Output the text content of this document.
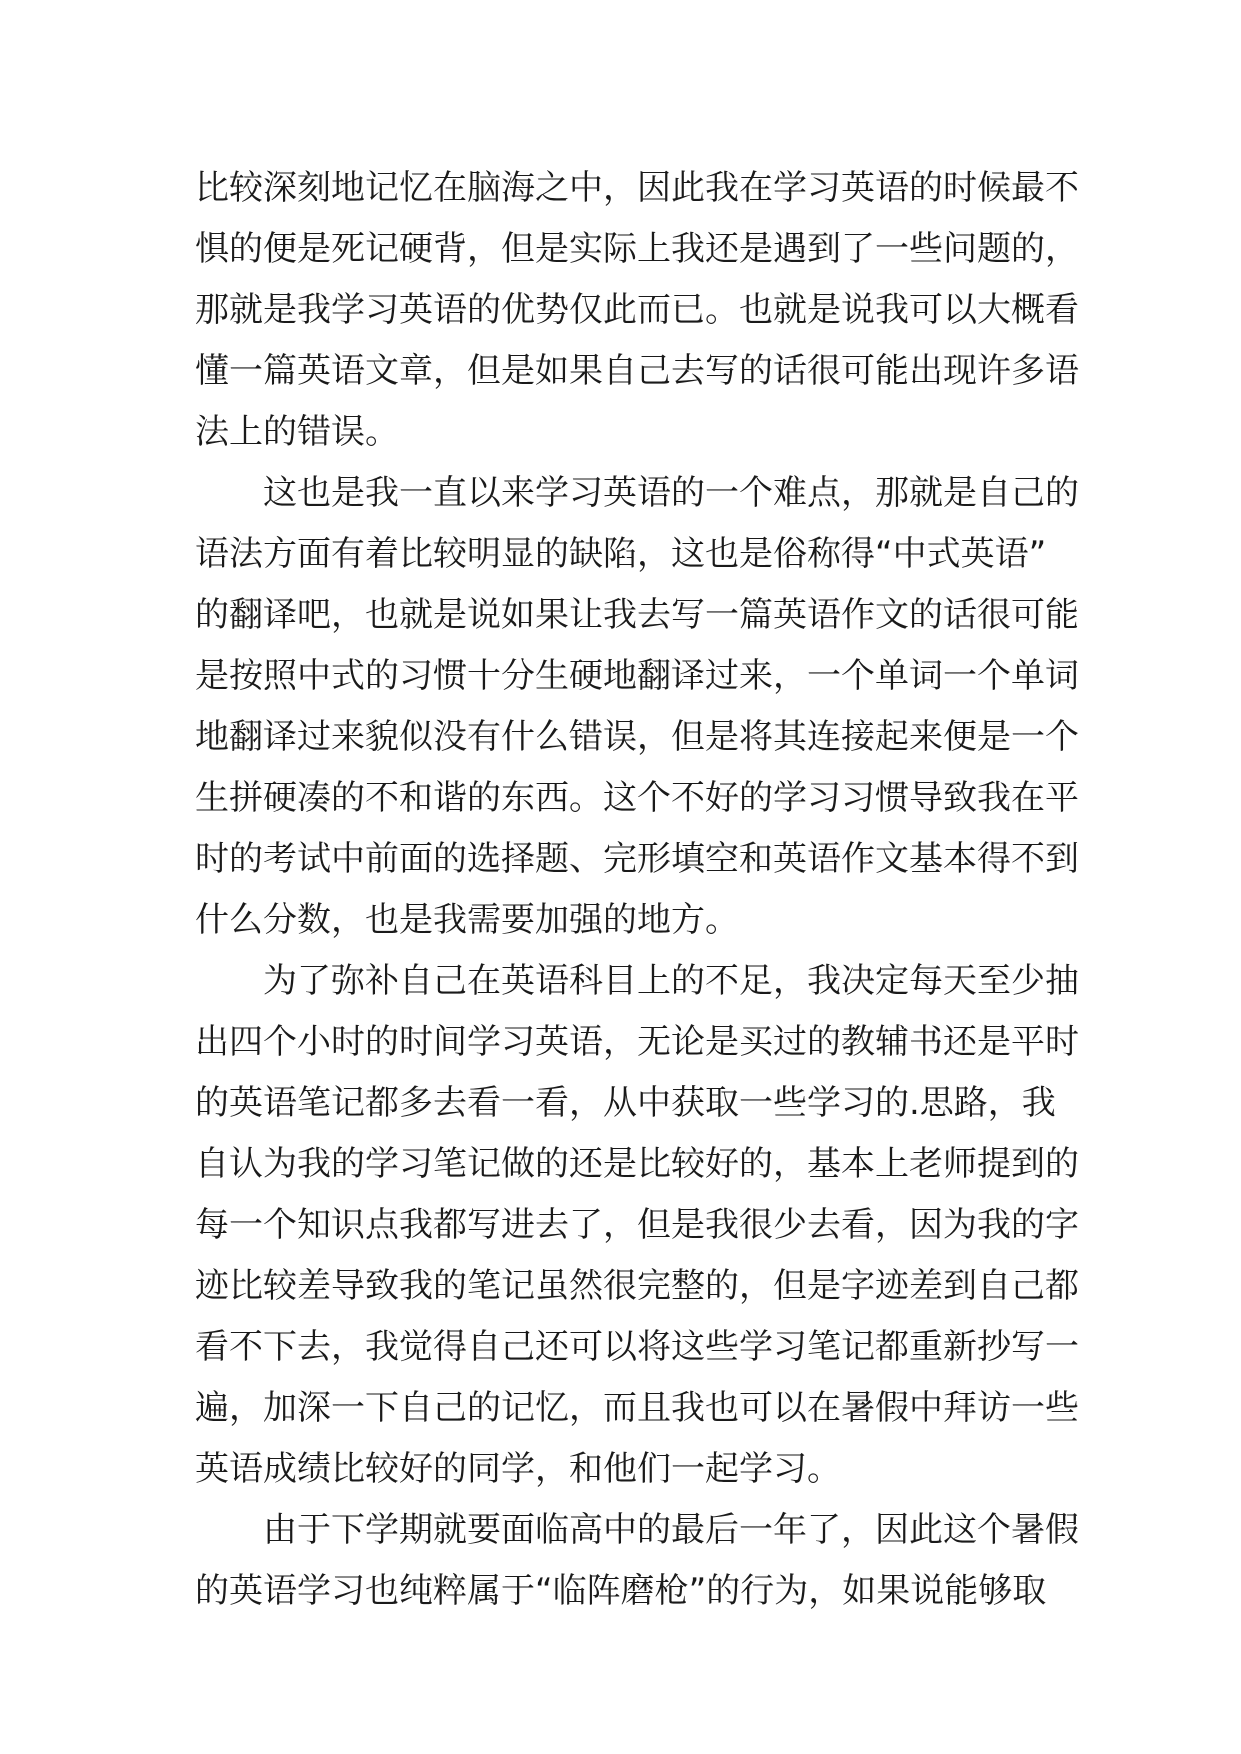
比较深刻地记忆在脑海之中，因此我在学习英语的时候最不
惧的便是死记硬背，但是实际上我还是遇到了一些问题的，
那就是我学习英语的优势仅此而已。也就是说我可以大概看
懂一篇英语文章，但是如果自己去写的话很可能出现许多语
法上的错误。
这也是我一直以来学习英语的一个难点，那就是自己的
语法方面有着比较明显的缺陷，这也是俗称得“中式英语”
的翻译吧，也就是说如果让我去写一篇英语作文的话很可能
是按照中式的习惯十分生硬地翻译过来，一个单词一个单词
地翻译过来貌似没有什么错误，但是将其连接起来便是一个
生拼硬凑的不和谐的东西。这个不好的学习习惯导致我在平
时的考试中前面的选择题、完形填空和英语作文基本得不到
什么分数，也是我需要加强的地方。
为了弥补自己在英语科目上的不足，我决定每天至少抽
出四个小时的时间学习英语，无论是买过的教辅书还是平时
的英语笔记都多去看一看，从中获取一些学习的.思路，我
自认为我的学习笔记做的还是比较好的，基本上老师提到的
每一个知识点我都写进去了，但是我很少去看，因为我的字
迹比较差导致我的笔记虽然很完整的，但是字迹差到自己都
看不下去，我觉得自己还可以将这些学习笔记都重新抄写一
遍，加深一下自己的记忆，而且我也可以在暑假中拜访一些
英语成绩比较好的同学，和他们一起学习。
由于下学期就要面临高中的最后一年了，因此这个暑假
的英语学习也纯粹属于“临阵磨枪”的行为，如果说能够取
